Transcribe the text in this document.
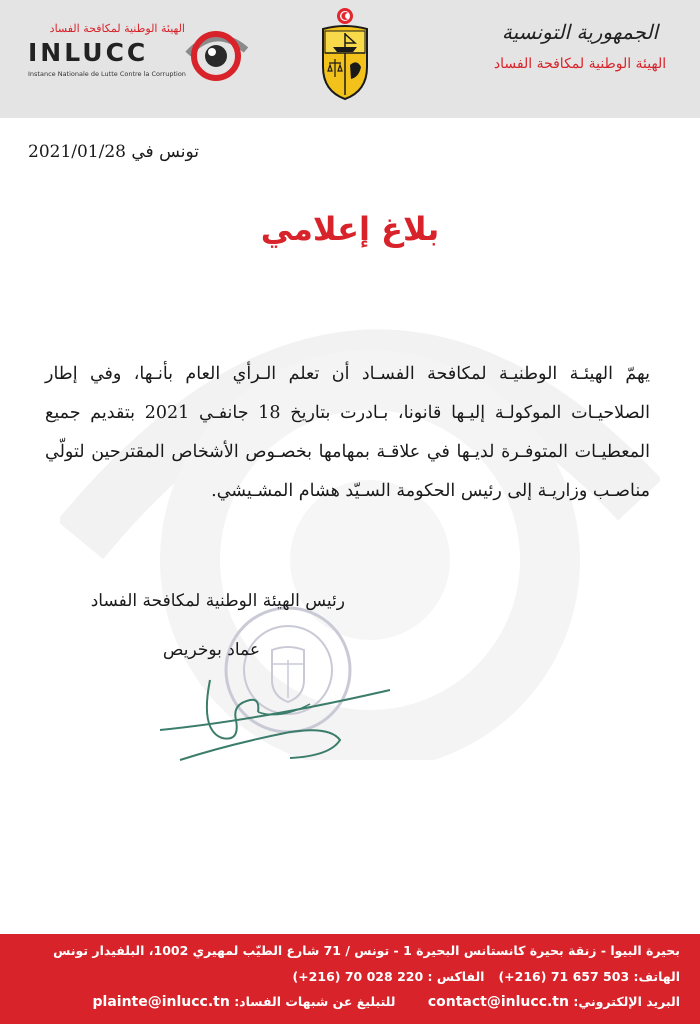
الهيئة الوطنية لمكافحة الفساد
INLUCC
Instance Nationale de Lutte Contre la Corruption
الجمهورية التونسية
الهيئة الوطنية لمكافحة الفساد
تونس في 2021/01/28
بلاغ إعلامي
يهمّ الهيئـة الوطنيـة لمكافحة الفسـاد أن تعلم الـرأي العام بأنـها، وفي إطار الصلاحيـات الموكولـة إليـها قانونا، بـادرت بتاريخ 18 جانفـي 2021 بتقديم جميع المعطيـات المتوفـرة لديـها في علاقـة بمهامها بخصـوص الأشخاص المقترحين لتولّي مناصـب وزاريـة إلى رئيس الحكومة السـيّد هشام المشـيشي.
رئيس الهيئة الوطنية لمكافحة الفساد
عماد بوخريص
بحيرة البيوا - زنقة بحيرة كانستانس البحيرة 1 - تونس / 71 شارع الطيّب لمهيري 1002، البلفيدار تونس
الهاتف: 503 657 71 (216+)الفاكس : 220 028 70 (216+)
البريد الإلكتروني: contact@inlucc.tn للتبليغ عن شبهات الفساد: plainte@inlucc.tn
